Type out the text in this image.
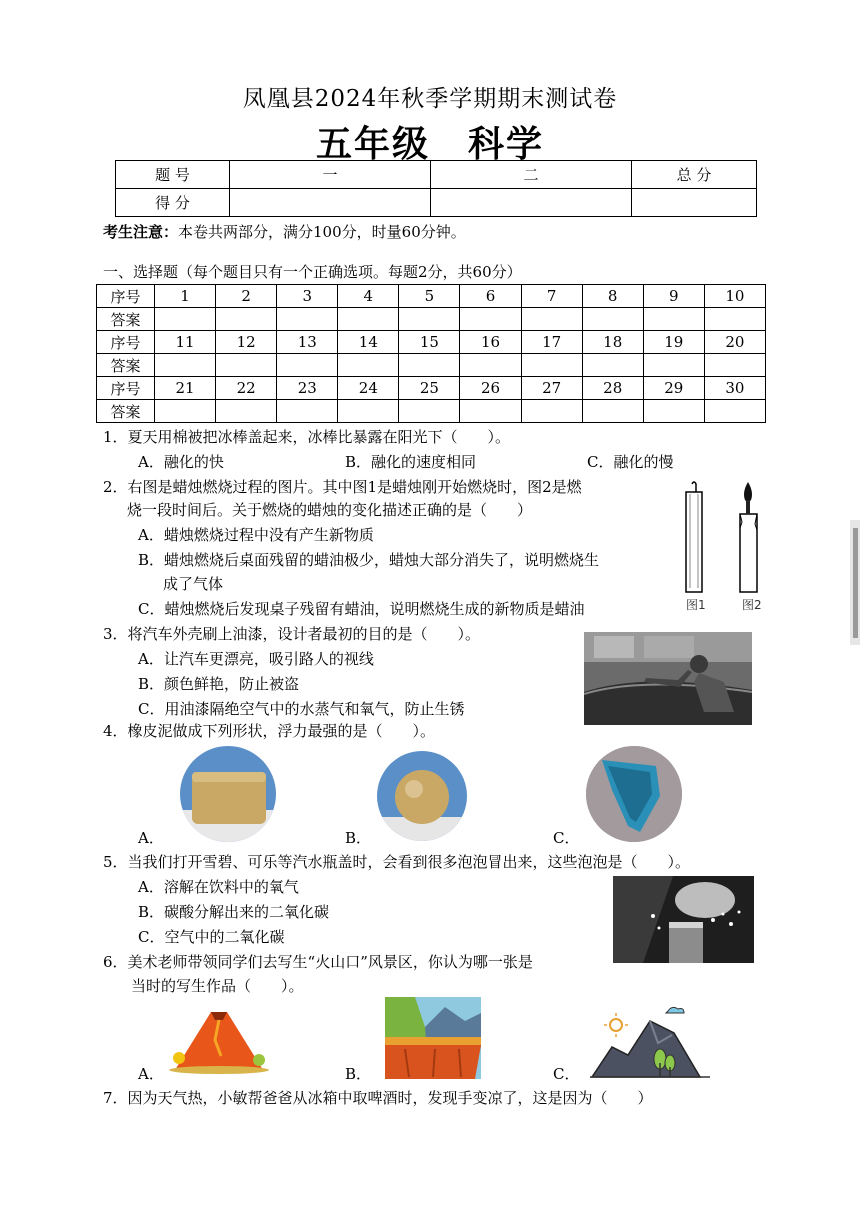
凤凰县2024年秋季学期期末测试卷
五年级　科学
题 号	一	二	总 分
得 分			
考生注意：本卷共两部分，满分100分，时量60分钟。
一、选择题（每个题目只有一个正确选项。每题2分，共60分）
序号	1	2	3	4	5	6	7	8	9	10
答案										
序号	11	12	13	14	15	16	17	18	19	20
答案										
序号	21	22	23	24	25	26	27	28	29	30
答案										
1．夏天用棉被把冰棒盖起来，冰棒比暴露在阳光下（　　）。
A．融化的快	B．融化的速度相同	C．融化的慢
2．右图是蜡烛燃烧过程的图片。其中图1是蜡烛刚开始燃烧时，图2是燃
烧一段时间后。关于燃烧的蜡烛的变化描述正确的是（　　）
A．蜡烛燃烧过程中没有产生新物质
B．蜡烛燃烧后桌面残留的蜡油极少，蜡烛大部分消失了，说明燃烧生
成了气体
C．蜡烛燃烧后发现桌子残留有蜡油，说明燃烧生成的新物质是蜡油	图1	图2
3．将汽车外壳刷上油漆，设计者最初的目的是（　　）。
A．让汽车更漂亮，吸引路人的视线
B．颜色鲜艳，防止被盗
C．用油漆隔绝空气中的水蒸气和氧气，防止生锈
4．橡皮泥做成下列形状，浮力最强的是（　　）。
A．	B．	C．
5．当我们打开雪碧、可乐等汽水瓶盖时，会看到很多泡泡冒出来，这些泡泡是（　　）。
A．溶解在饮料中的氧气
B．碳酸分解出来的二氧化碳
C．空气中的二氧化碳
6．美术老师带领同学们去写生“火山口”风景区，你认为哪一张是
当时的写生作品（　　）。
A．	B．	C．
7．因为天气热，小敏帮爸爸从冰箱中取啤酒时，发现手变凉了，这是因为（　　）
